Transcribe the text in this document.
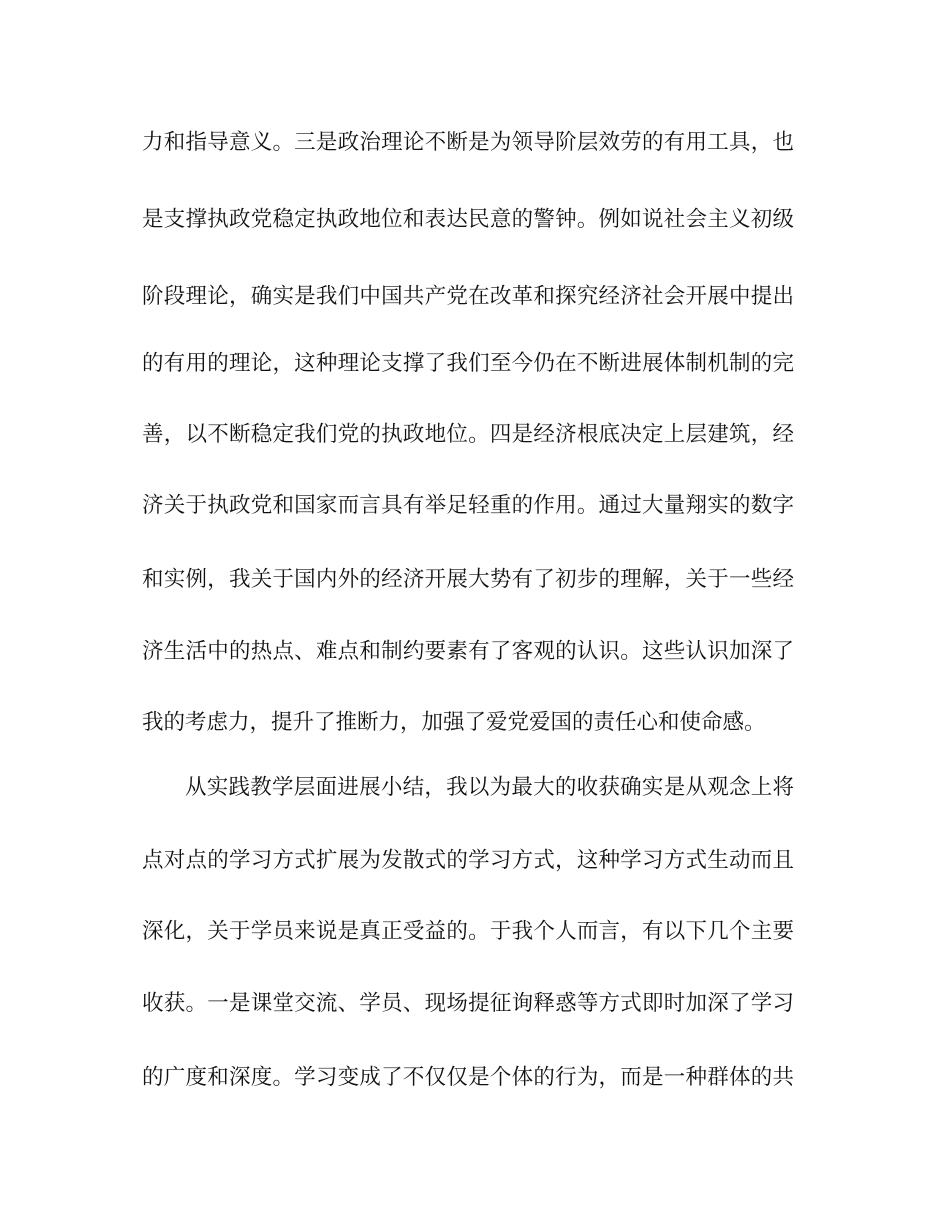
力和指导意义。三是政治理论不断是为领导阶层效劳的有用工具，也
是支撑执政党稳定执政地位和表达民意的警钟。例如说社会主义初级
阶段理论，确实是我们中国共产党在改革和探究经济社会开展中提出
的有用的理论，这种理论支撑了我们至今仍在不断进展体制机制的完
善，以不断稳定我们党的执政地位。四是经济根底决定上层建筑，经
济关于执政党和国家而言具有举足轻重的作用。通过大量翔实的数字
和实例，我关于国内外的经济开展大势有了初步的理解，关于一些经
济生活中的热点、难点和制约要素有了客观的认识。这些认识加深了
我的考虑力，提升了推断力，加强了爱党爱国的责任心和使命感。
从实践教学层面进展小结，我以为最大的收获确实是从观念上将
点对点的学习方式扩展为发散式的学习方式，这种学习方式生动而且
深化，关于学员来说是真正受益的。于我个人而言，有以下几个主要
收获。一是课堂交流、学员、现场提征询释惑等方式即时加深了学习
的广度和深度。学习变成了不仅仅是个体的行为，而是一种群体的共
